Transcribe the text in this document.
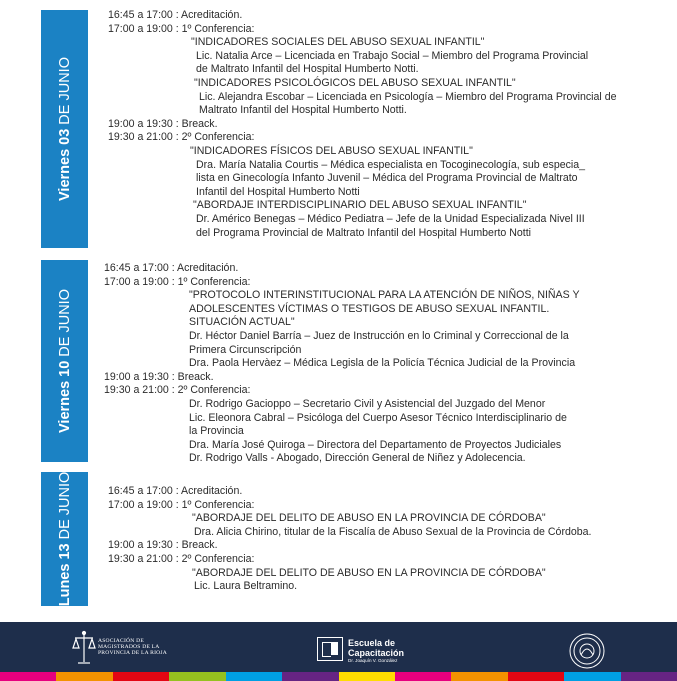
Viernes 03DE JUNIO
16:45 a 17:00 : Acreditación.
17:00 a 19:00 : 1º Conferencia:
"INDICADORES SOCIALES DEL ABUSO SEXUAL INFANTIL"
Lic. Natalia Arce – Licenciada en Trabajo Social – Miembro del Programa Provincial
de Maltrato Infantil del Hospital Humberto Notti.
"INDICADORES PSICOLÓGICOS DEL ABUSO SEXUAL INFANTIL"
Lic. Alejandra Escobar – Licenciada en Psicología – Miembro del Programa Provincial de
Maltrato Infantil del Hospital Humberto Notti.
19:00 a 19:30 : Breack.
19:30 a 21:00 : 2º Conferencia:
"INDICADORES FÍSICOS DEL ABUSO SEXUAL INFANTIL"
Dra. María Natalia Courtis – Médica especialista en Tocoginecología, sub especia_
lista en Ginecología Infanto Juvenil – Médica del Programa Provincial de Maltrato
Infantil del Hospital Humberto Notti
"ABORDAJE INTERDISCIPLINARIO DEL ABUSO SEXUAL INFANTIL"
Dr. Américo Benegas – Médico Pediatra – Jefe de la Unidad Especializada Nivel III
del Programa Provincial de Maltrato Infantil del Hospital Humberto Notti
Viernes 10DE JUNIO
16:45 a 17:00 : Acreditación.
17:00 a 19:00 : 1º Conferencia:
"PROTOCOLO INTERINSTITUCIONAL PARA LA ATENCIÓN DE NIÑOS, NIÑAS Y
ADOLESCENTES VÍCTIMAS O TESTIGOS DE ABUSO SEXUAL INFANTIL.
SITUACIÓN ACTUAL"
Dr. Héctor Daniel Barría – Juez de Instrucción en lo Criminal y Correccional de la
Primera Circunscripción
Dra. Paola Hervàez – Médica Legisla de la Policía Técnica Judicial de la Provincia
19:00 a 19:30 : Breack.
19:30 a 21:00 : 2º Conferencia:
Dr. Rodrigo Gacioppo – Secretario Civil y Asistencial del Juzgado del Menor
Lic. Eleonora Cabral – Psicóloga del Cuerpo Asesor Técnico Interdisciplinario de
la Provincia
Dra. María José Quiroga – Directora del Departamento de Proyectos Judiciales
Dr. Rodrigo Valls - Abogado, Dirección General de Niñez y Adolecencia.
Lunes 13DE JUNIO	16:45 a 17:00 : Acreditación.
17:00 a 19:00 : 1º Conferencia:
"ABORDAJE DEL DELITO DE ABUSO EN LA PROVINCIA DE CÓRDOBA"
Dra. Alicia Chirino, titular de la Fiscalía de Abuso Sexual de la Provincia de Córdoba.
19:00 a 19:30 : Breack.
19:30 a 21:00 : 2º Conferencia:
"ABORDAJE DEL DELITO DE ABUSO EN LA PROVINCIA DE CÓRDOBA"
Lic. Laura Beltramino.
ASOCIACIÓN DE MAGISTRADOS DE LA PROVINCIA DE LA RIOJA
Escuela de Capacitación
Dr. Joaquín V. González
